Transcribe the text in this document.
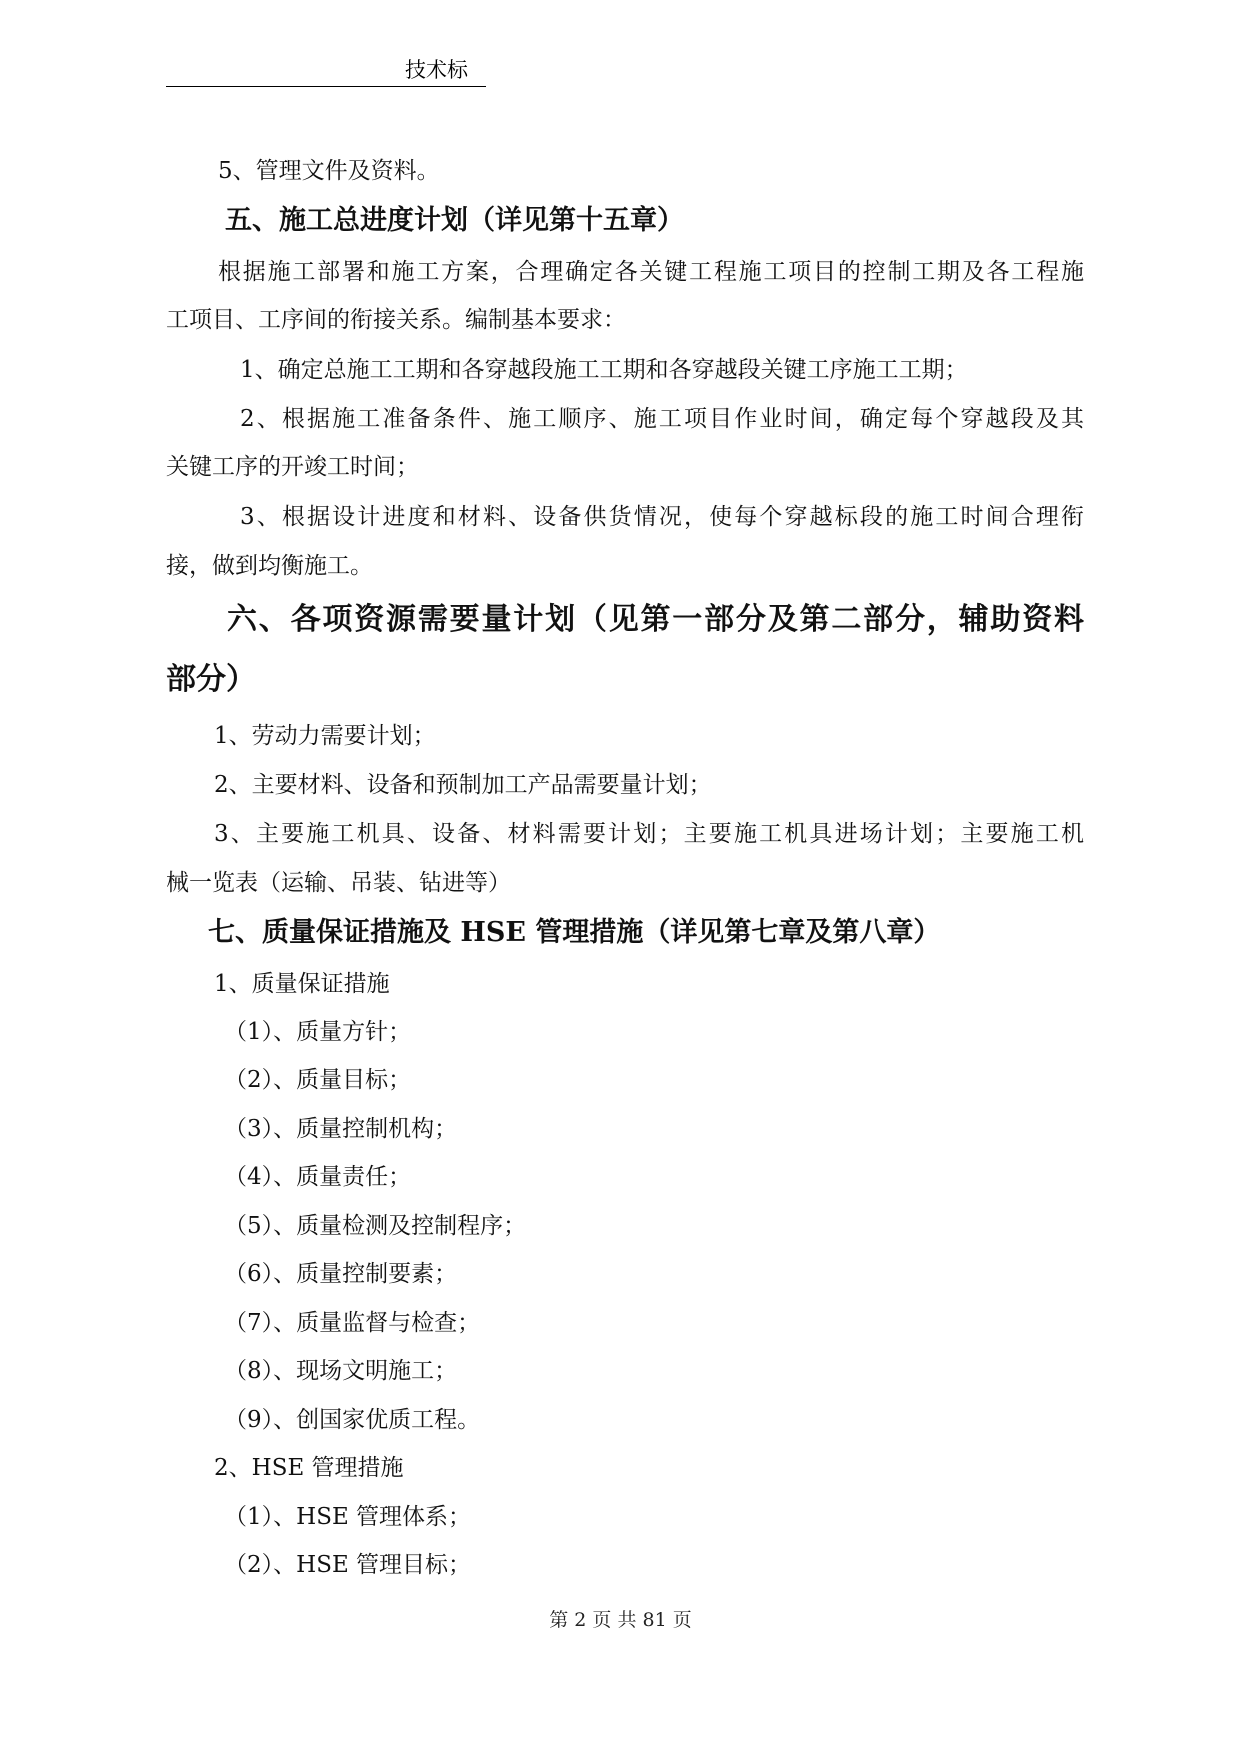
技术标
5、管理文件及资料。
五、施工总进度计划（详见第十五章）
根据施工部署和施工方案，合理确定各关键工程施工项目的控制工期及各工程施
工项目、工序间的衔接关系。编制基本要求：
1、确定总施工工期和各穿越段施工工期和各穿越段关键工序施工工期；
2、根据施工准备条件、施工顺序、施工项目作业时间，确定每个穿越段及其
关键工序的开竣工时间；
3、根据设计进度和材料、设备供货情况，使每个穿越标段的施工时间合理衔
接，做到均衡施工。
六、各项资源需要量计划（见第一部分及第二部分，辅助资料
部分）
1、劳动力需要计划；
2、主要材料、设备和预制加工产品需要量计划；
3、主要施工机具、设备、材料需要计划；主要施工机具进场计划；主要施工机
械一览表（运输、吊装、钻进等）
七、质量保证措施及 HSE 管理措施（详见第七章及第八章）
1、质量保证措施
（1）、质量方针；
（2）、质量目标；
（3）、质量控制机构；
（4）、质量责任；
（5）、质量检测及控制程序；
（6）、质量控制要素；
（7）、质量监督与检查；
（8）、现场文明施工；
（9）、创国家优质工程。
2、HSE 管理措施
（1）、HSE 管理体系；
（2）、HSE 管理目标；
第 2 页 共 81 页
